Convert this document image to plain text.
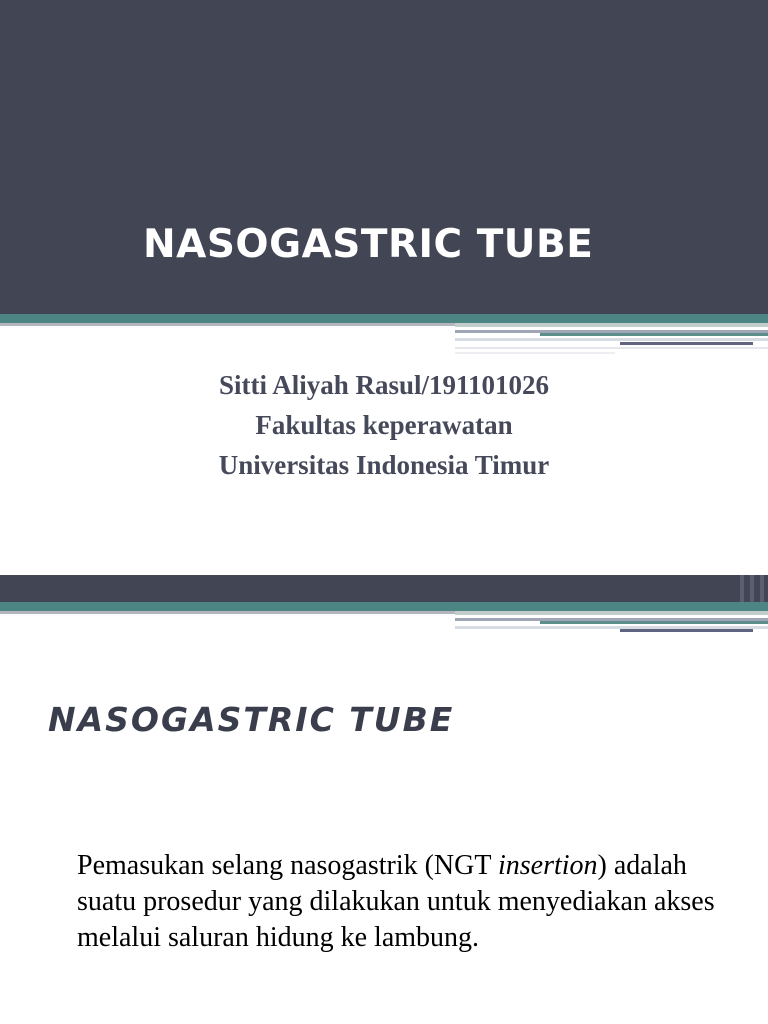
NASOGASTRIC TUBE
Sitti Aliyah Rasul/191101026
Fakultas keperawatan
Universitas Indonesia Timur
NASOGASTRIC TUBE

Pemasukan selang nasogastrik (NGT insertion) adalah suatu prosedur yang dilakukan untuk menyediakan akses melalui saluran hidung ke lambung.
